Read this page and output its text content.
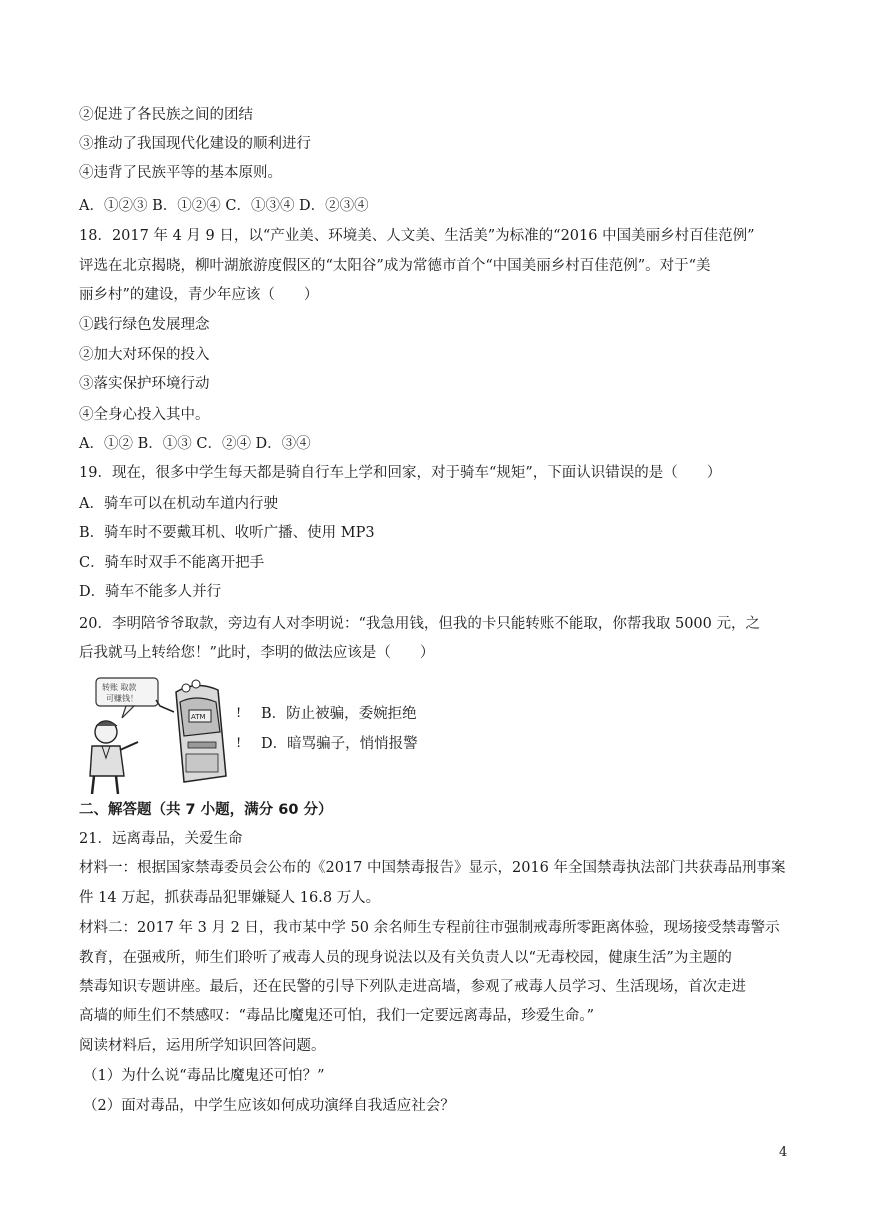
②促进了各民族之间的团结
③推动了我国现代化建设的顺利进行
④违背了民族平等的基本原则。
A．①②③ B．①②④ C．①③④ D．②③④
18．2017 年 4 月 9 日，以“产业美、环境美、人文美、生活美”为标准的“2016 中国美丽乡村百佳范例”
评选在北京揭晓，柳叶湖旅游度假区的“太阳谷”成为常德市首个“中国美丽乡村百佳范例”。对于“美
丽乡村”的建设，青少年应该（　　）
①践行绿色发展理念
②加大对环保的投入
③落实保护环境行动
④全身心投入其中。
A．①② B．①③ C．②④ D．③④
19．现在，很多中学生每天都是骑自行车上学和回家，对于骑车“规矩”，下面认识错误的是（　　）
A．骑车可以在机动车道内行驶
B．骑车时不要戴耳机、收听广播、使用 MP3
C．骑车时双手不能离开把手
D．骑车不能多人并行
20．李明陪爷爷取款，旁边有人对李明说：“我急用钱，但我的卡只能转账不能取，你帮我取 5000 元，之
后我就马上转给您！”此时，李明的做法应该是（　　）
转账 取款
可赚钱！
ATM ! B．防止被骗，委婉拒绝
! D．暗骂骗子，悄悄报警
二、解答题（共 7 小题，满分 60 分）
21．远离毒品，关爱生命
材料一：根据国家禁毒委员会公布的《2017 中国禁毒报告》显示，2016 年全国禁毒执法部门共获毒品刑事案
件 14 万起，抓获毒品犯罪嫌疑人 16.8 万人。
材料二：2017 年 3 月 2 日，我市某中学 50 余名师生专程前往市强制戒毒所零距离体验，现场接受禁毒警示
教育，在强戒所，师生们聆听了戒毒人员的现身说法以及有关负责人以“无毒校园，健康生活”为主题的
禁毒知识专题讲座。最后，还在民警的引导下列队走进高墙，参观了戒毒人员学习、生活现场，首次走进
高墙的师生们不禁感叹：“毒品比魔鬼还可怕，我们一定要远离毒品，珍爱生命。”
阅读材料后，运用所学知识回答问题。
（1）为什么说“毒品比魔鬼还可怕？”
（2）面对毒品，中学生应该如何成功演绎自我适应社会？
4
